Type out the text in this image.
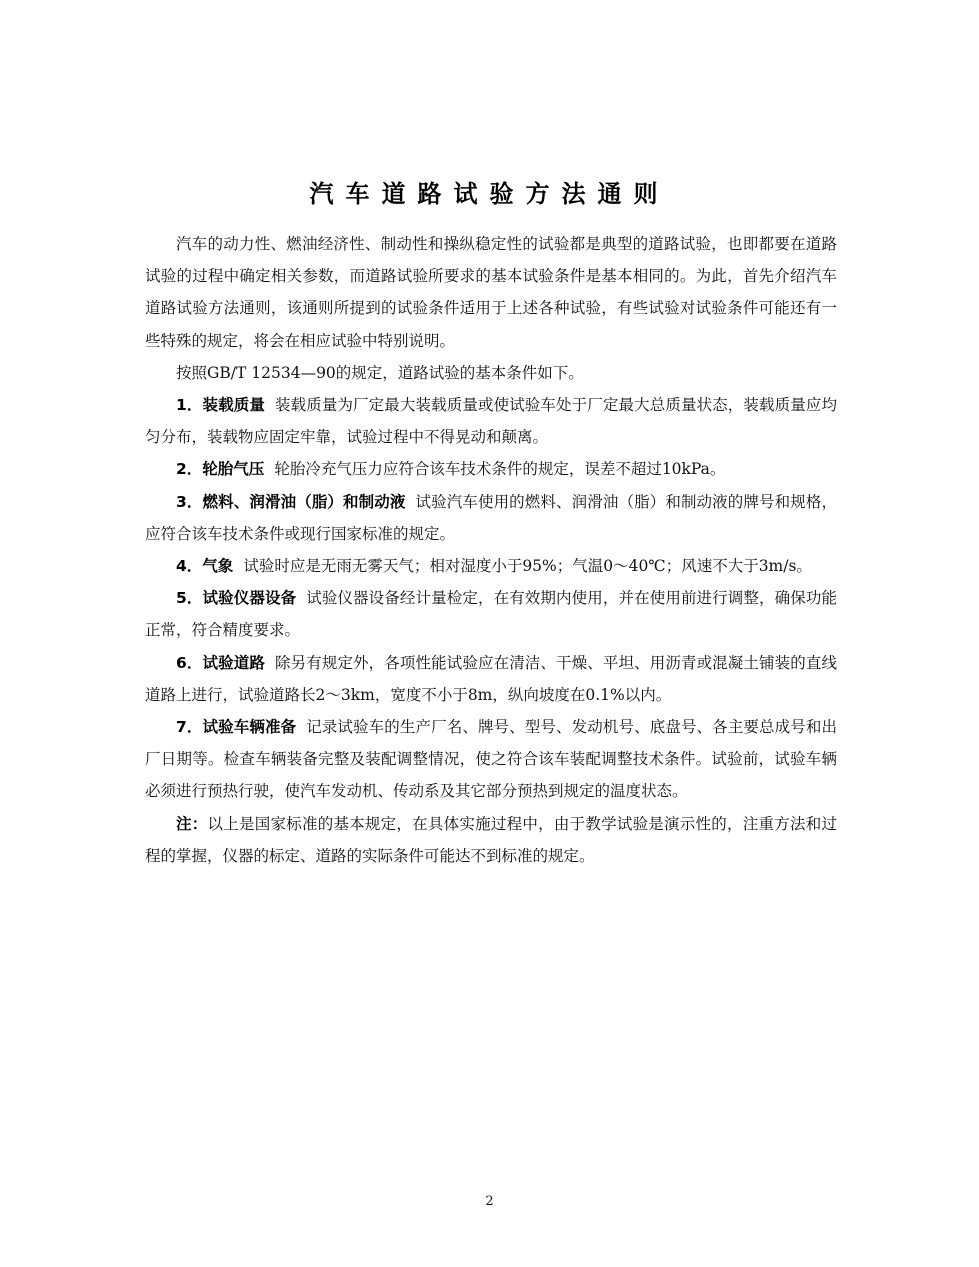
汽车道路试验方法通则

汽车的动力性、燃油经济性、制动性和操纵稳定性的试验都是典型的道路试验，也即都要在道路试验的过程中确定相关参数，而道路试验所要求的基本试验条件是基本相同的。为此，首先介绍汽车道路试验方法通则，该通则所提到的试验条件适用于上述各种试验，有些试验对试验条件可能还有一些特殊的规定，将会在相应试验中特别说明。

按照GB/T 12534—90的规定，道路试验的基本条件如下。

1．装载质量 装载质量为厂定最大装载质量或使试验车处于厂定最大总质量状态，装载质量应均匀分布，装载物应固定牢靠，试验过程中不得晃动和颠离。

2．轮胎气压 轮胎冷充气压力应符合该车技术条件的规定，误差不超过10kPa。

3．燃料、润滑油（脂）和制动液 试验汽车使用的燃料、润滑油（脂）和制动液的牌号和规格，应符合该车技术条件或现行国家标准的规定。

4．气象 试验时应是无雨无雾天气；相对湿度小于95%；气温0～40℃；风速不大于3m/s。

5．试验仪器设备 试验仪器设备经计量检定，在有效期内使用，并在使用前进行调整，确保功能正常，符合精度要求。

6．试验道路 除另有规定外，各项性能试验应在清洁、干燥、平坦、用沥青或混凝土铺装的直线道路上进行，试验道路长2～3km，宽度不小于8m，纵向坡度在0.1%以内。

7．试验车辆准备 记录试验车的生产厂名、牌号、型号、发动机号、底盘号、各主要总成号和出厂日期等。检查车辆装备完整及装配调整情况，使之符合该车装配调整技术条件。试验前，试验车辆必须进行预热行驶，使汽车发动机、传动系及其它部分预热到规定的温度状态。

注：以上是国家标准的基本规定，在具体实施过程中，由于教学试验是演示性的，注重方法和过程的掌握，仪器的标定、道路的实际条件可能达不到标准的规定。

2
